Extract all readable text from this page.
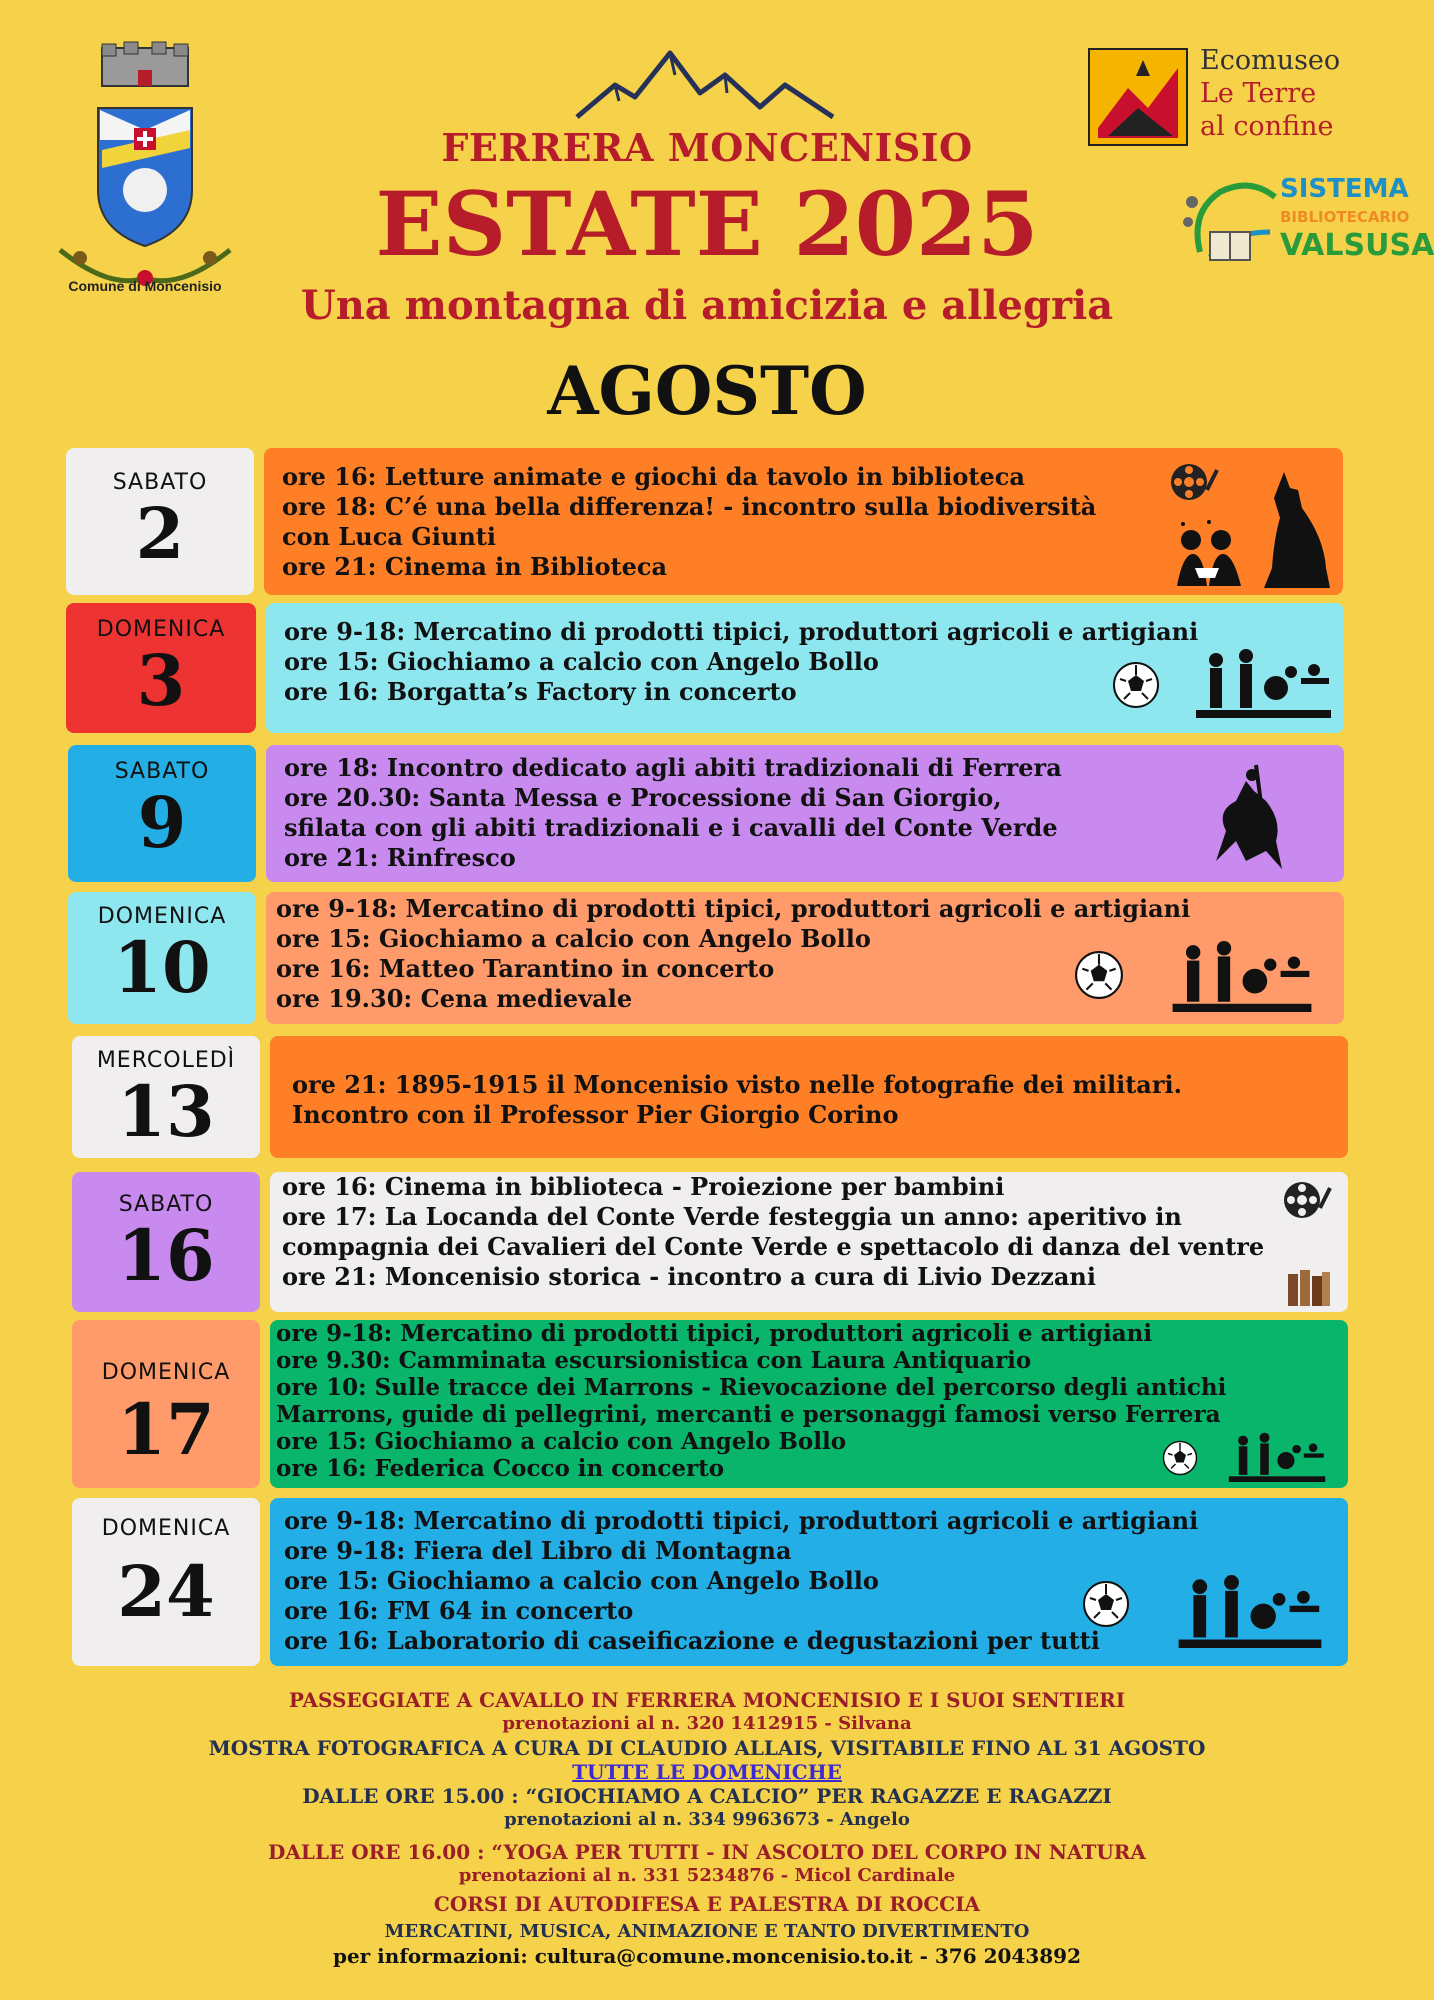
Comune di Moncenisio
FERRERA MONCENISIO
ESTATE 2025
Una montagna di amicizia e allegria
AGOSTO
Ecomuseo
Le Terre
al confine
SISTEMA
BIBLIOTECARIO
VALSUSA
SABATO
2
ore 16: Letture animate e giochi da tavolo in biblioteca
ore 18: C’é una bella differenza! - incontro sulla biodiversità
con Luca Giunti
ore 21: Cinema in Biblioteca
DOMENICA
3
ore 9-18: Mercatino di prodotti tipici, produttori agricoli e artigiani
ore 15: Giochiamo a calcio con Angelo Bollo
ore 16: Borgatta’s Factory in concerto
SABATO
9
ore 18: Incontro dedicato agli abiti tradizionali di Ferrera
ore 20.30: Santa Messa e Processione di San Giorgio,
sfilata con gli abiti tradizionali e i cavalli del Conte Verde
ore 21: Rinfresco
DOMENICA
10
ore 9-18: Mercatino di prodotti tipici, produttori agricoli e artigiani
ore 15: Giochiamo a calcio con Angelo Bollo
ore 16: Matteo Tarantino in concerto
ore 19.30: Cena medievale
MERCOLEDÌ
13	ore 21: 1895-1915 il Moncenisio visto nelle fotografie dei militari.
Incontro con il Professor Pier Giorgio Corino
SABATO
16
ore 16: Cinema in biblioteca - Proiezione per bambini
ore 17: La Locanda del Conte Verde festeggia un anno: aperitivo in
compagnia dei Cavalieri del Conte Verde e spettacolo di danza del ventre
ore 21: Moncenisio storica - incontro a cura di Livio Dezzani
DOMENICA
17
ore 9-18: Mercatino di prodotti tipici, produttori agricoli e artigiani
ore 9.30: Camminata escursionistica con Laura Antiquario
ore 10: Sulle tracce dei Marrons - Rievocazione del percorso degli antichi
Marrons, guide di pellegrini, mercanti e personaggi famosi verso Ferrera
ore 15: Giochiamo a calcio con Angelo Bollo
ore 16: Federica Cocco in concerto
DOMENICA
24
ore 9-18: Mercatino di prodotti tipici, produttori agricoli e artigiani
ore 9-18: Fiera del Libro di Montagna
ore 15: Giochiamo a calcio con Angelo Bollo
ore 16: FM 64 in concerto
ore 16: Laboratorio di caseificazione e degustazioni per tutti
PASSEGGIATE A CAVALLO IN FERRERA MONCENISIO E I SUOI SENTIERI
prenotazioni al n. 320 1412915 - Silvana
MOSTRA FOTOGRAFICA A CURA DI CLAUDIO ALLAIS, VISITABILE FINO AL 31 AGOSTO
TUTTE LE DOMENICHE
DALLE ORE 15.00 : “GIOCHIAMO A CALCIO” PER RAGAZZE E RAGAZZI
prenotazioni al n. 334 9963673 - Angelo
DALLE ORE 16.00 : “YOGA PER TUTTI - IN ASCOLTO DEL CORPO IN NATURA
prenotazioni al n. 331 5234876 - Micol Cardinale
CORSI DI AUTODIFESA E PALESTRA DI ROCCIA
MERCATINI, MUSICA, ANIMAZIONE E TANTO DIVERTIMENTO
per informazioni: cultura@comune.moncenisio.to.it - 376 2043892
